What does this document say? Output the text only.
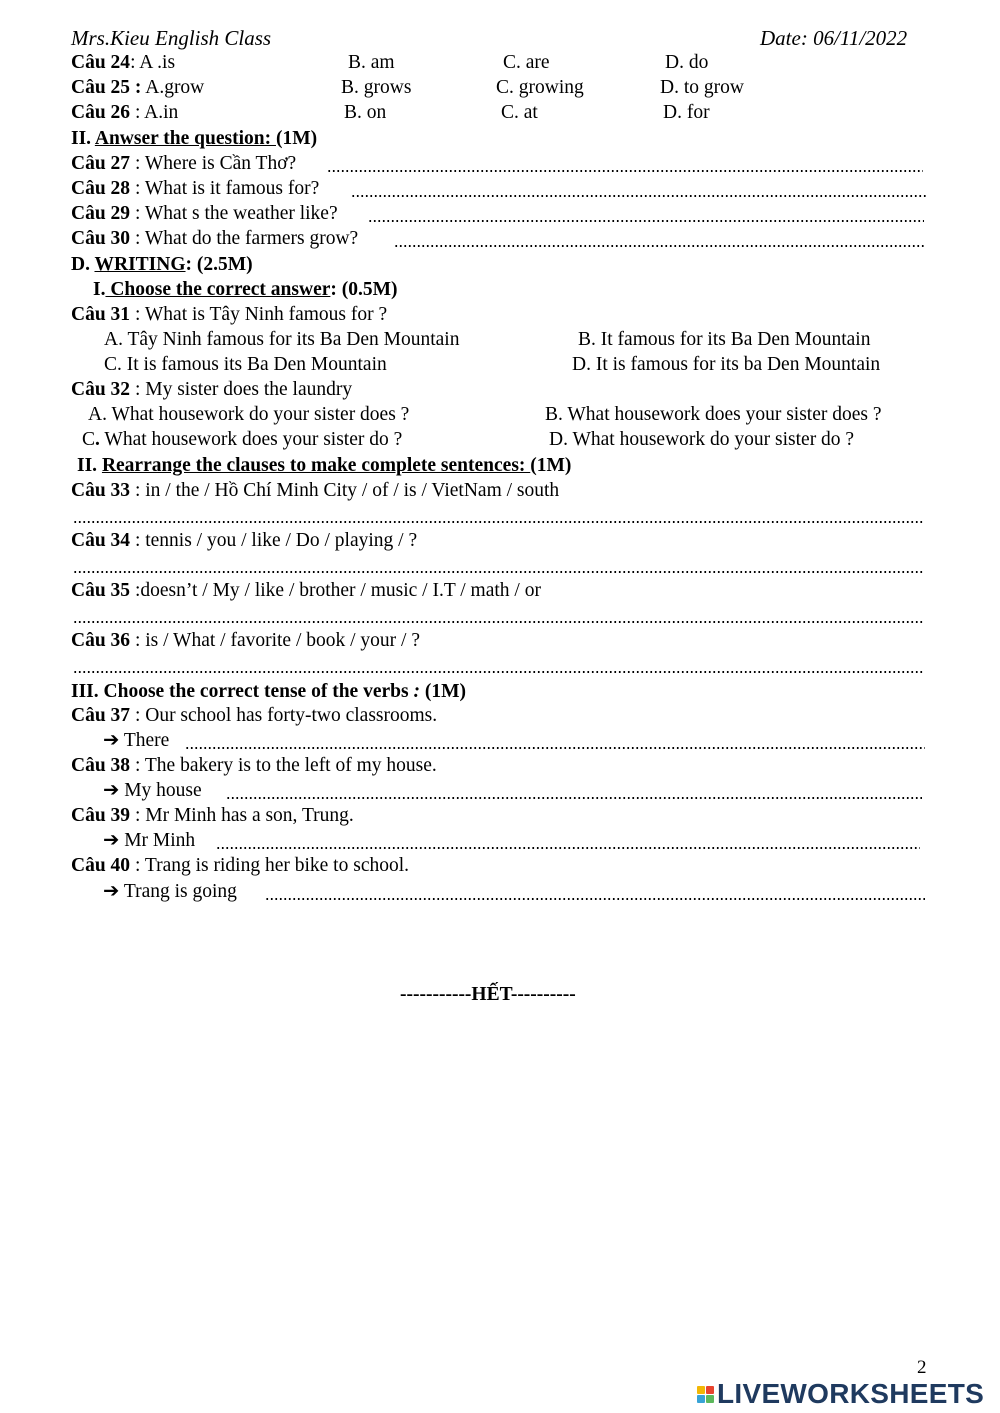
Mrs.Kieu English Class	Date: 06/11/2022
Câu 24: A .is	B. am	C. are	D. do
Câu 25 : A.grow	B. grows	C. growing	D. to grow
Câu 26 : A.in	B. on	C. at	D. for
II. Anwser the question: (1M)
Câu 27 : Where is Cần Thơ?
Câu 28 : What is it famous for?
Câu 29 : What s the weather like?
Câu 30 : What do the farmers grow?
D. WRITING: (2.5M)
I. Choose the correct answer: (0.5M)
Câu 31 : What is Tây Ninh famous for ?
A. Tây Ninh famous for its Ba Den Mountain	B. It famous for its Ba Den Mountain
C. It is famous its Ba Den Mountain	D. It is famous for its ba Den Mountain
Câu 32 : My sister does the laundry
A. What housework do your sister does ?	B. What housework does your sister does ?
C. What housework does your sister do ?	D. What housework do your sister do ?
II. Rearrange the clauses to make complete sentences: (1M)
Câu 33 : in / the / Hồ Chí Minh City / of / is / VietNam / south
Câu 34 : tennis / you / like / Do / playing / ?
Câu 35 :doesn’t / My / like / brother / music / I.T / math / or
Câu 36 : is / What / favorite / book / your / ?
III. Choose the correct tense of the verbs : (1M)
Câu 37 : Our school has forty-two classrooms.
➔ There
Câu 38 : The bakery is to the left of my house.
➔ My house
Câu 39 : Mr Minh has a son, Trung.
➔ Mr Minh
Câu 40 : Trang is riding her bike to school.
➔ Trang is going
-----------HẾT----------
2
LIVEWORKSHEETS
